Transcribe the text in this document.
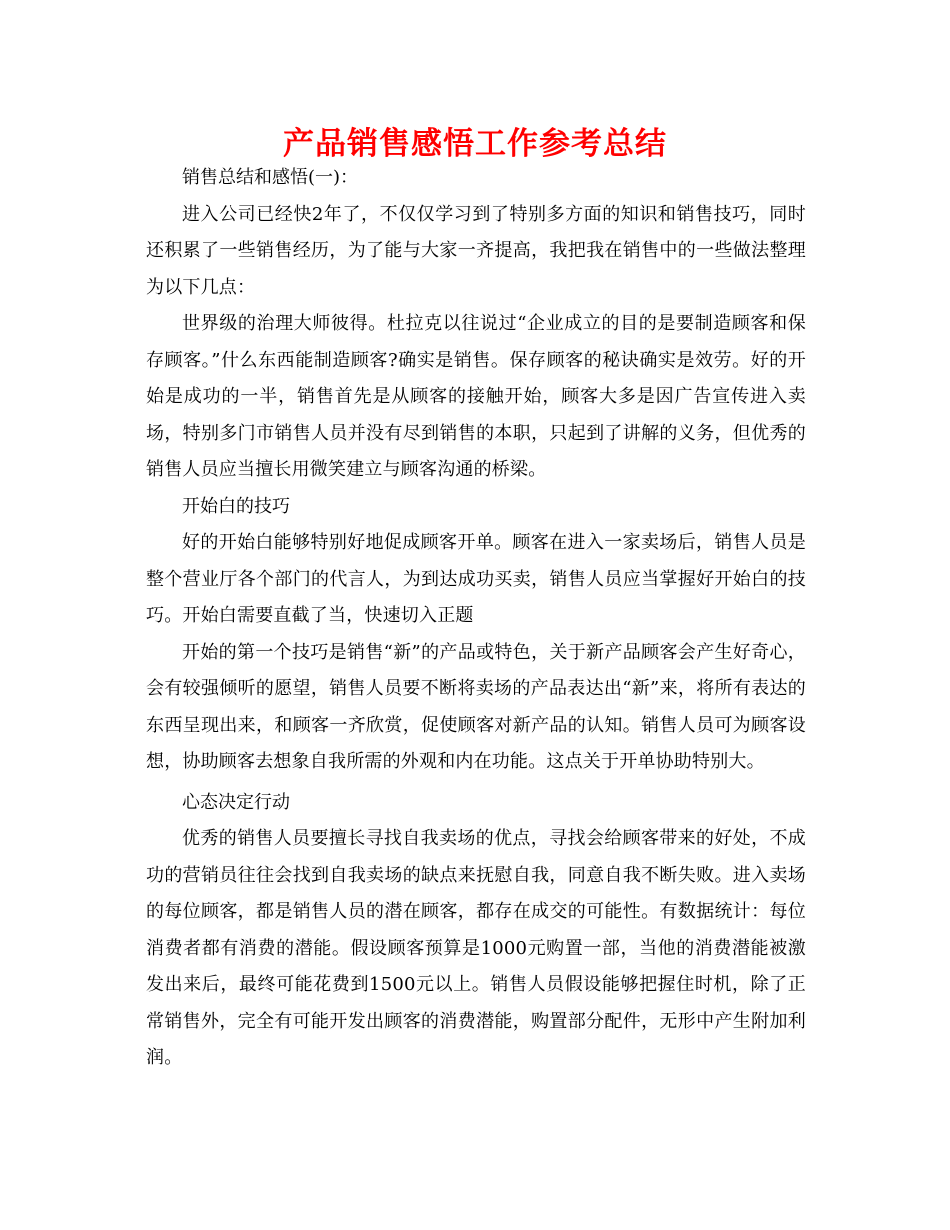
产品销售感悟工作参考总结

销售总结和感悟(一)：

进入公司已经快2年了，不仅仅学习到了特别多方面的知识和销售技巧，同时还积累了一些销售经历，为了能与大家一齐提高，我把我在销售中的一些做法整理为以下几点：

世界级的治理大师彼得。杜拉克以往说过“企业成立的目的是要制造顾客和保存顾客。”什么东西能制造顾客?确实是销售。保存顾客的秘诀确实是效劳。好的开始是成功的一半，销售首先是从顾客的接触开始，顾客大多是因广告宣传进入卖场，特别多门市销售人员并没有尽到销售的本职，只起到了讲解的义务，但优秀的销售人员应当擅长用微笑建立与顾客沟通的桥梁。

开始白的技巧

好的开始白能够特别好地促成顾客开单。顾客在进入一家卖场后，销售人员是整个营业厅各个部门的代言人，为到达成功买卖，销售人员应当掌握好开始白的技巧。开始白需要直截了当，快速切入正题

开始的第一个技巧是销售“新”的产品或特色，关于新产品顾客会产生好奇心，会有较强倾听的愿望，销售人员要不断将卖场的产品表达出“新”来，将所有表达的东西呈现出来，和顾客一齐欣赏，促使顾客对新产品的认知。销售人员可为顾客设想，协助顾客去想象自我所需的外观和内在功能。这点关于开单协助特别大。

心态决定行动

优秀的销售人员要擅长寻找自我卖场的优点，寻找会给顾客带来的好处，不成功的营销员往往会找到自我卖场的缺点来抚慰自我，同意自我不断失败。进入卖场的每位顾客，都是销售人员的潜在顾客，都存在成交的可能性。有数据统计：每位消费者都有消费的潜能。假设顾客预算是1000元购置一部，当他的消费潜能被激发出来后，最终可能花费到1500元以上。销售人员假设能够把握住时机，除了正常销售外，完全有可能开发出顾客的消费潜能，购置部分配件，无形中产生附加利润。
